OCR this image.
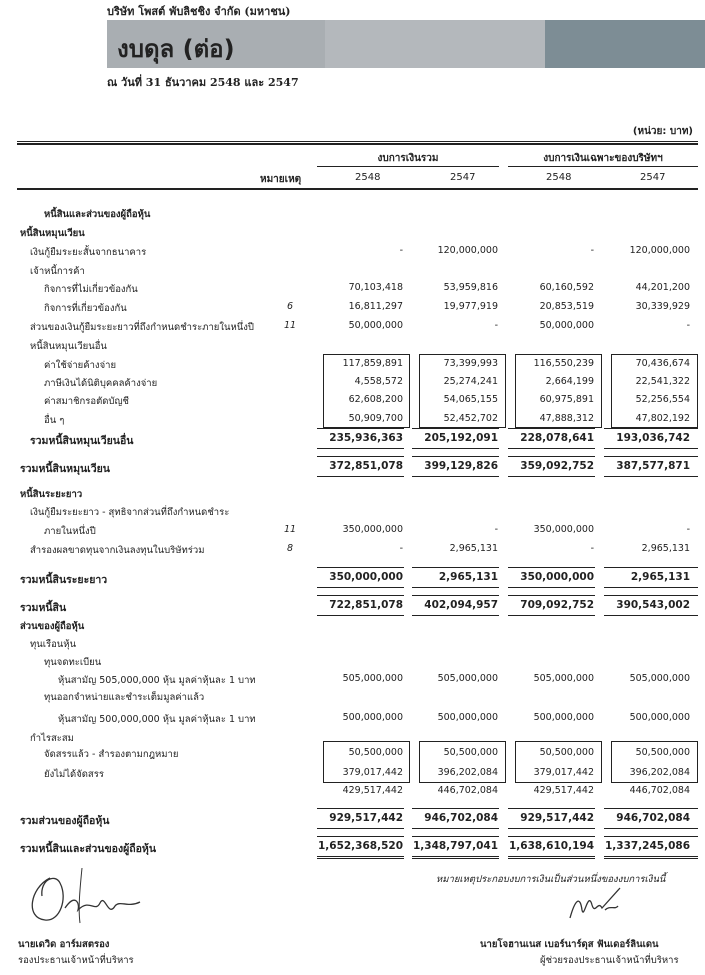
บริษัท โพสต์ พับลิชชิง จำกัด (มหาชน)
งบดุล (ต่อ)
ณ วันที่ 31 ธันวาคม 2548 และ 2547
(หน่วย: บาท)
งบการเงินรวม	งบการเงินเฉพาะของบริษัทฯ
หมายเหตุ	2548	2547	2548	2547
หนี้สินและส่วนของผู้ถือหุ้น
หนี้สินหมุนเวียน
เงินกู้ยืมระยะสั้นจากธนาคาร	-	120,000,000	-	120,000,000
เจ้าหนี้การค้า
กิจการที่ไม่เกี่ยวข้องกัน	70,103,418	53,959,816	60,160,592	44,201,200
กิจการที่เกี่ยวข้องกัน	6	16,811,297	19,977,919	20,853,519	30,339,929
ส่วนของเงินกู้ยืมระยะยาวที่ถึงกำหนดชำระภายในหนึ่งปี	11	50,000,000	-	50,000,000	-
หนี้สินหมุนเวียนอื่น
ค่าใช้จ่ายค้างจ่าย	117,859,891	73,399,993	116,550,239	70,436,674
ภาษีเงินได้นิติบุคคลค้างจ่าย	4,558,572	25,274,241	2,664,199	22,541,322
ค่าสมาชิกรอตัดบัญชี	62,608,200	54,065,155	60,975,891	52,256,554
อื่น ๆ	50,909,700	52,452,702	47,888,312	47,802,192
รวมหนี้สินหมุนเวียนอื่น	235,936,363	205,192,091	228,078,641	193,036,742
รวมหนี้สินหมุนเวียน	372,851,078	399,129,826	359,092,752	387,577,871
หนี้สินระยะยาว
เงินกู้ยืมระยะยาว - สุทธิจากส่วนที่ถึงกำหนดชำระ
ภายในหนึ่งปี	11	350,000,000	-	350,000,000	-
สำรองผลขาดทุนจากเงินลงทุนในบริษัทร่วม	8	-	2,965,131	-	2,965,131
รวมหนี้สินระยะยาว	350,000,000	2,965,131	350,000,000	2,965,131
รวมหนี้สิน	722,851,078	402,094,957	709,092,752	390,543,002
ส่วนของผู้ถือหุ้น
ทุนเรือนหุ้น
ทุนจดทะเบียน
หุ้นสามัญ 505,000,000 หุ้น มูลค่าหุ้นละ 1 บาท	505,000,000	505,000,000	505,000,000	505,000,000
ทุนออกจำหน่ายและชำระเต็มมูลค่าแล้ว
หุ้นสามัญ 500,000,000 หุ้น มูลค่าหุ้นละ 1 บาท	500,000,000	500,000,000	500,000,000	500,000,000
กำไรสะสม
จัดสรรแล้ว - สำรองตามกฎหมาย	50,500,000	50,500,000	50,500,000	50,500,000
ยังไม่ได้จัดสรร	379,017,442	396,202,084	379,017,442	396,202,084
429,517,442	446,702,084	429,517,442	446,702,084
รวมส่วนของผู้ถือหุ้น	929,517,442	946,702,084	929,517,442	946,702,084
รวมหนี้สินและส่วนของผู้ถือหุ้น	1,652,368,520 1,348,797,041 1,638,610,194 1,337,245,086
หมายเหตุประกอบงบการเงินเป็นส่วนหนึ่งของงบการเงินนี้
นายเดวิด อาร์มสตรอง
รองประธานเจ้าหน้าที่บริหาร
นายโจฮานเนส เบอร์นาร์ดุส ฟันเดอร์ลินเดน
ผู้ช่วยรองประธานเจ้าหน้าที่บริหาร
